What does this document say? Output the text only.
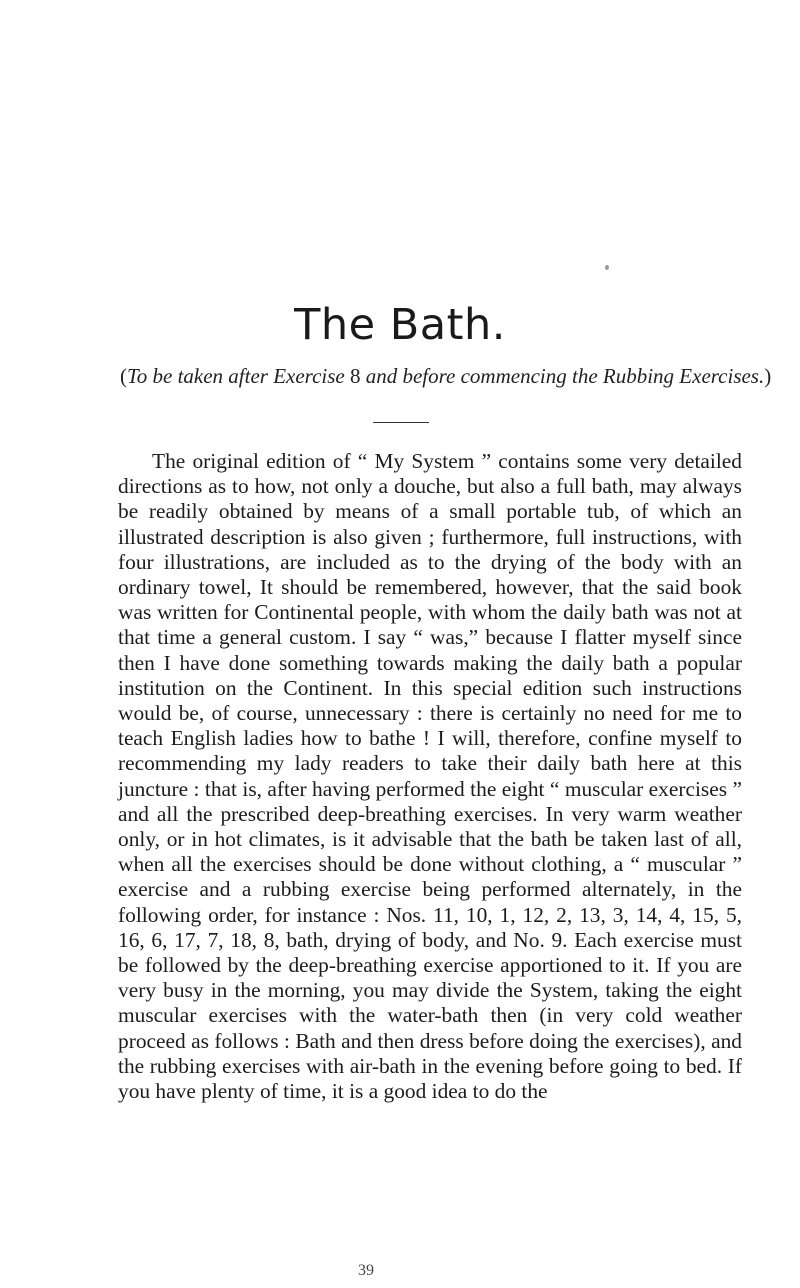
The Bath.
(To be taken after Exercise 8 and before commencing the Rubbing Exercises.)

The original edition of “ My System ” contains some very detailed directions as to how, not only a douche, but also a full bath, may always be readily obtained by means of a small portable tub, of which an illustrated description is also given ; furthermore, full instructions, with four illustrations, are included as to the drying of the body with an ordinary towel, It should be remembered, however, that the said book was written for Continental people, with whom the daily bath was not at that time a general custom. I say “ was,” because I flatter myself since then I have done something towards making the daily bath a popular institution on the Continent. In this special edition such instructions would be, of course, unnecessary : there is certainly no need for me to teach English ladies how to bathe ! I will, therefore, confine myself to recommending my lady readers to take their daily bath here at this juncture : that is, after having performed the eight “ muscular exercises ” and all the prescribed deep-breathing exercises. In very warm weather only, or in hot climates, is it advisable that the bath be taken last of all, when all the exercises should be done without clothing, a “ muscular ” exercise and a rubbing exercise being performed alternately, in the following order, for instance : Nos. 11, 10, 1, 12, 2, 13, 3, 14, 4, 15, 5, 16, 6, 17, 7, 18, 8, bath, drying of body, and No. 9. Each exercise must be followed by the deep-breathing exercise apportioned to it. If you are very busy in the morning, you may divide the System, taking the eight muscular exercises with the water-bath then (in very cold weather proceed as follows : Bath and then dress before doing the exercises), and the rubbing exercises with air-bath in the evening before going to bed. If you have plenty of time, it is a good idea to do the

39
